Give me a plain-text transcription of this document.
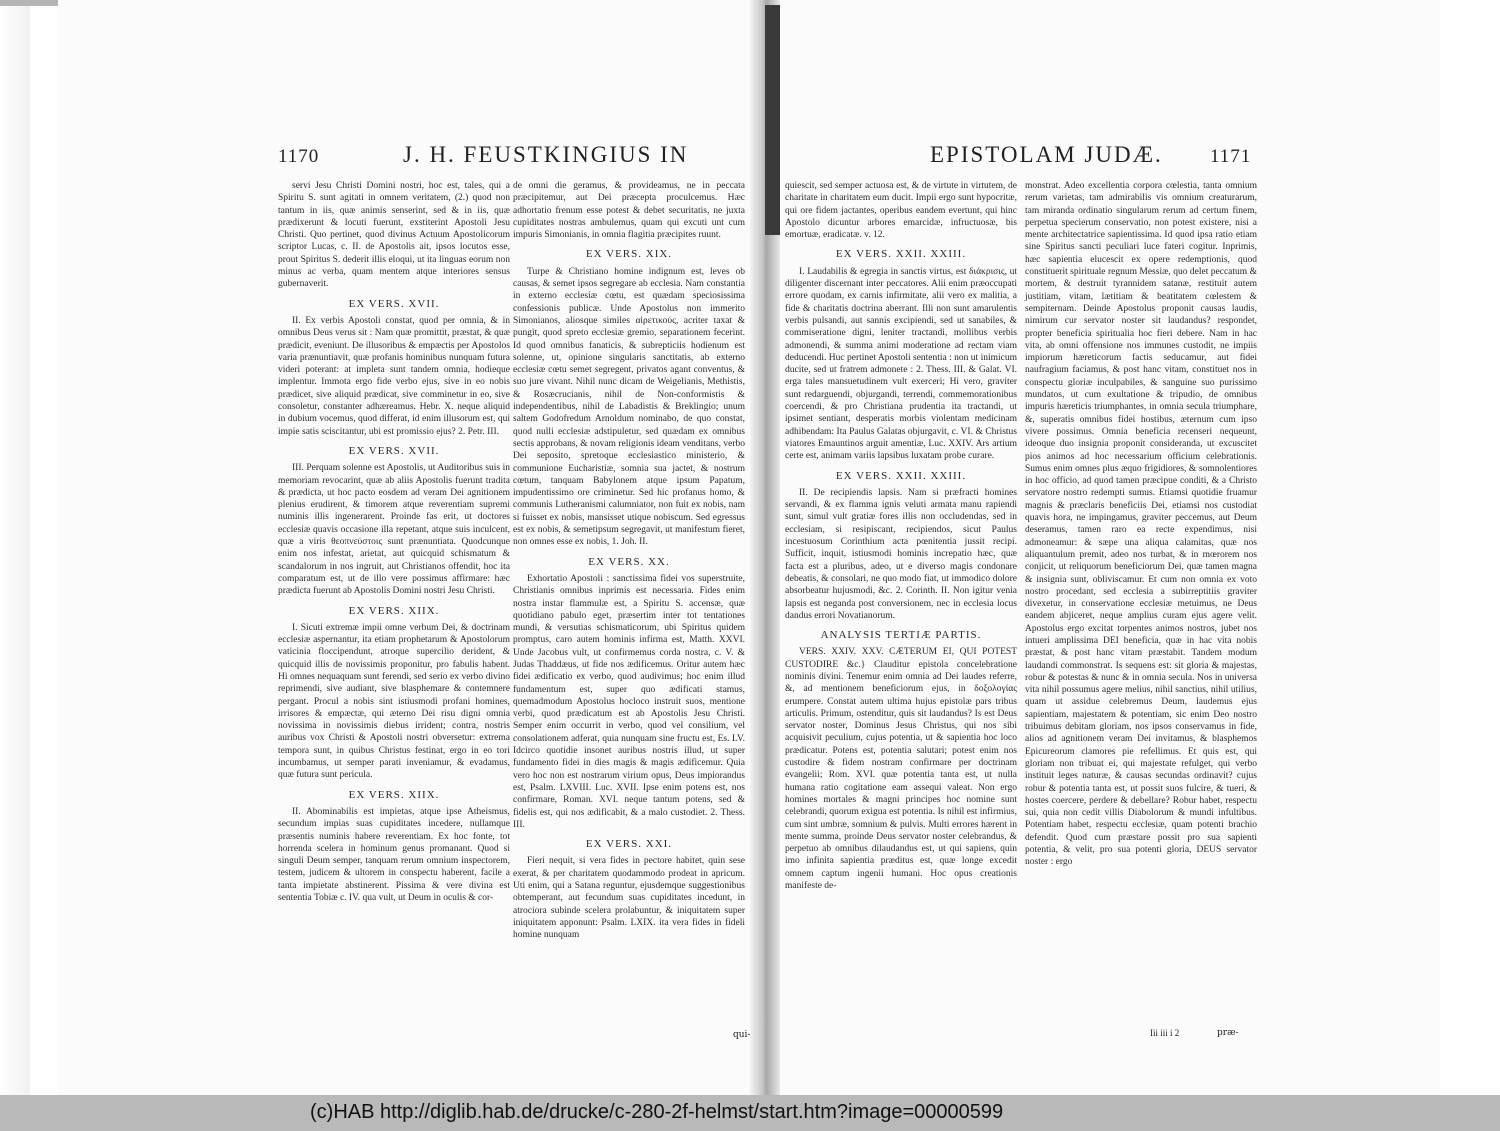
1170	J. H. FEUSTKINGIUS IN

servi Jesu Christi Domini nostri, hoc est, tales, qui a Spiritu S. sunt agitati in omnem veritatem, (2.) quod non tantum in iis, quæ animis senserint, sed & in iis, quæ prædixerunt & locuti fuerunt, exstiterint Apostoli Jesu Christi. Quo pertinet, quod divinus Actuum Apostolicorum scriptor Lucas, c. II. de Apostolis ait, ipsos locutos esse, prout Spiritus S. dederit illis eloqui, ut ita linguas eorum non minus ac verba, quam mentem atque interiores sensus gubernaverit.

EX VERS. XVII.

II. Ex verbis Apostoli constat, quod per omnia, & in omnibus Deus verus sit : Nam quæ promittit, præstat, & quæ prædicit, eveniunt. De illusoribus & empæctis per Apostolos varia prænuntiavit, quæ profanis hominibus nunquam futura videri poterant: at impleta sunt tandem omnia, hodieque implentur. Immota ergo fide verbo ejus, sive in eo nobis prædicet, sive aliquid prædicat, sive comminetur in eo, sive consoletur, constanter adhæreamus. Hebr. X. neque aliquid in dubium vocemus, quod differat, id enim illusorum est, qui impie satis sciscitantur, ubi est promissio ejus? 2. Petr. III.

EX VERS. XVII.

III. Perquam solenne est Apostolis, ut Auditoribus suis in memoriam revocarint, quæ ab aliis Apostolis fuerunt tradita & prædicta, ut hoc pacto eosdem ad veram Dei agnitionem plenius erudirent, & timorem atque reverentiam supremi numinis illis ingenerarent. Proinde fas erit, ut doctores ecclesiæ quavis occasione illa repetant, atque suis inculcent, quæ a viris θεοπνεύστοις sunt prænuntiata. Quodcunque enim nos infestat, arietat, aut quicquid schismatum & scandalorum in nos ingruit, aut Christianos offendit, hoc ita comparatum est, ut de illo vere possimus affirmare: hæc prædicta fuerunt ab Apostolis Domini nostri Jesu Christi.

EX VERS. XIIX.

I. Sicuti extremæ impii omne verbum Dei, & doctrinam ecclesiæ aspernantur, ita etiam prophetarum & Apostolorum vaticinia floccipendunt, atroque supercilio derident, & quicquid illis de novissimis proponitur, pro fabulis habent. Hi omnes nequaquam sunt ferendi, sed serio ex verbo divino reprimendi, sive audiant, sive blasphemare & contemnere pergant. Procul a nobis sint istiusmodi profani homines, irrisores & empæctæ, qui æterno Dei risu digni omnia novissima in novissimis diebus irrident; contra, nostris auribus vox Christi & Apostoli nostri obversetur: extrema tempora sunt, in quibus Christus festinat, ergo in eo tori incumbamus, ut semper parati inveniamur, & evadamus, quæ futura sunt pericula.

EX VERS. XIIX.

II. Abominabilis est impietas, atque ipse Atheismus, secundum impias suas cupiditates incedere, nullamque præsentis numinis habere reverentiam. Ex hoc fonte, tot horrenda scelera in hominum genus promanant. Quod si singuli Deum semper, tanquam rerum omnium inspectorem, testem, judicem & ultorem in conspectu haberent, facile a tanta impietate abstinerent. Pissima & vere divina est sententia Tobiæ c. IV. qua vult, ut Deum in oculis & cor-

de omni die geramus, & provideamus, ne in peccata præcipitemur, aut Dei præcepta proculcemus. Hæc adhortatio frenum esse potest & debet securitatis, ne juxta cupiditates nostras ambulemus, quam qui excuti unt cum impuris Simonianis, in omnia flagitia præcipites ruunt.

EX VERS. XIX.

Turpe & Christiano homine indignum est, leves ob causas, & semet ipsos segregare ab ecclesia. Nam constantia in externo ecclesiæ cœtu, est quædam speciosissima confessionis publicæ. Unde Apostolus non immerito Simonianos, aliosque similes αἱρετικούς, acriter taxat & pungit, quod spreto ecclesiæ gremio, separationem fecerint. Id quod omnibus fanaticis, & subrepticiis hodienum est solenne, ut, opinione singularis sanctitatis, ab externo ecclesiæ cœtu semet segregent, privatos agant conventus, & suo jure vivant. Nihil nunc dicam de Weigelianis, Methistis, & Rosæcrucianis, nihil de Non-conformistis & independentibus, nihil de Labadistis & Breklingio; unum saltem Godofredum Arnoldum nominabo, de quo constat, quod nulli ecclesiæ adstipuletur, sed quædam ex omnibus sectis approbans, & novam religionis ideam venditans, verbo Dei seposito, spretoque ecclesiastico ministerio, & communione Eucharistiæ, somnia sua jactet, & nostrum cœtum, tanquam Babylonem atque ipsum Papatum, impudentissimo ore criminetur. Sed hic profanus homo, & communis Lutheranismi calumniator, non fuit ex nobis, nam si fuisset ex nobis, mansisset utique nobiscum. Sed egressus est ex nobis, & semetipsum segregavit, ut manifestum fieret, non omnes esse ex nobis, 1. Joh. II.

EX VERS. XX.

Exhortatio Apostoli : sanctissima fidei vos superstruite, Christianis omnibus inprimis est necessaria. Fides enim nostra instar flammulæ est, a Spiritu S. accensæ, quæ quotidiano pabulo eget, præsertim inter tot tentationes mundi, & versutias schismaticorum, ubi Spiritus quidem promptus, caro autem hominis infirma est, Matth. XXVI. Unde Jacobus vult, ut confirmemus corda nostra, c. V. & Judas Thaddæus, ut fide nos ædificemus. Oritur autem hæc fidei ædificatio ex verbo, quod audivimus; hoc enim illud fundamentum est, super quo ædificati stamus, quemadmodum Apostolus hocloco instruit suos, mentione verbi, quod prædicatum est ab Apostolis Jesu Christi. Semper enim occurrit in verbo, quod vel consilium, vel consolationem adferat, quia nunquam sine fructu est, Es. LV. Idcirco quotidie insonet auribus nostris illud, ut super fundamento fidei in dies magis & magis ædificemur. Quia vero hoc non est nostrarum virium opus, Deus impiorandus est, Psalm. LXVIII. Luc. XVII. Ipse enim potens est, nos confirmare, Roman. XVI. neque tantum potens, sed & fidelis est, qui nos ædificabit, & a malo custodiet. 2. Thess. III.

EX VERS. XXI.

Fieri nequit, si vera fides in pectore habitet, quin sese exerat, & per charitatem quodammodo prodeat in apricum. Uti enim, qui a Satana reguntur, ejusdemque suggestionibus obtemperant, aut fecundum suas cupiditates incedunt, in atrociora subinde scelera prolabuntur, & iniquitatem super iniquitatem apponunt: Psalm. LXIX. ita vera fides in fideli homine nunquam

qui-
EPISTOLAM JUDÆ. 1171

quiescit, sed semper actuosa est, & de virtute in virtutem, de charitate in charitatem eum ducit. Impii ergo sunt hypocritæ, qui ore fidem jactantes, operibus eandem evertunt, qui hinc Apostolo dicuntur arbores emarcidæ, infructuosæ, bis emortuæ, eradicatæ. v. 12.

EX VERS. XXII. XXIII.

I. Laudabilis & egregia in sanctis virtus, est διάκρισις, ut diligenter discernant inter peccatores. Alii enim præoccupati errore quodam, ex carnis infirmitate, alii vero ex malitia, a fide & charitatis doctrina aberrant. Illi non sunt amarulentis verbis pulsandi, aut sannis excipiendi, sed ut sanabiles, & commiseratione digni, leniter tractandi, mollibus verbis admonendi, & summa animi moderatione ad rectam viam deducendi. Huc pertinet Apostoli sententia : non ut inimicum ducite, sed ut fratrem admonete : 2. Thess. III. & Galat. VI. erga tales mansuetudinem vult exerceri; Hi vero, graviter sunt redarguendi, objurgandi, terrendi, commemorationibus coercendi, & pro Christiana prudentia ita tractandi, ut ipsimet sentiant, desperatis morbis violentam medicinam adhibendam: Ita Paulus Galatas objurgavit, c. VI. & Christus viatores Emauntinos arguit amentiæ, Luc. XXIV. Ars artium certe est, animam variis lapsibus luxatam probe curare.

EX VERS. XXII. XXIII.

II. De recipiendis lapsis. Nam si præfracti homines servandi, & ex flamma ignis veluti armata manu rapiendi sunt, simul vult gratiæ fores illis non occludendas, sed in ecclesiam, si resipiscant, recipiendos, sicut Paulus incestuosum Corinthium acta pœnitentia jussit recipi. Sufficit, inquit, istiusmodi hominis increpatio hæc, quæ facta est a pluribus, adeo, ut e diverso magis condonare debeatis, & consolari, ne quo modo fiat, ut immodico dolore absorbeatur hujusmodi, &c. 2. Corinth. II. Non igitur venia lapsis est neganda post conversionem, nec in ecclesia locus dandus errori Novatianorum.

ANALYSIS TERTIÆ PARTIS.

VERS. XXIV. XXV. CÆTERUM EI, QUI POTEST CUSTODIRE &c.} Clauditur epistola concelebratione nominis divini. Tenemur enim omnia ad Dei laudes referre, &, ad mentionem beneficiorum ejus, in δοξολογίας erumpere. Constat autem ultima hujus epistolæ pars tribus articulis. Primum, ostenditur, quis sit laudandus? Is est Deus servator noster, Dominus Jesus Christus, qui nos sibi acquisivit peculium, cujus potentia, ut & sapientia hoc loco prædicatur. Potens est, potentia salutari; potest enim nos custodire & fidem nostram confirmare per doctrinam evangelii; Rom. XVI. quæ potentia tanta est, ut nulla humana ratio cogitatione eam assequi valeat. Non ergo homines mortales & magni principes hoc nomine sunt celebrandi, quorum exigua est potentia. Is nihil est infirmius, cum sint umbræ, somnium & pulvis. Multi errores hærent in mente summa, proinde Deus servator noster celebrandus, & perpetuo ab omnibus dilaudandus est, ut qui sapiens, quin imo infinita sapientia præditus est, quæ longe excedit omnem captum ingenii humani. Hoc opus creationis manifeste de-

monstrat. Adeo excellentia corpora cœlestia, tanta omnium rerum varietas, tam admirabilis vis omnium creaturarum, tam miranda ordinatio singularum rerum ad certum finem, perpetua specierum conservatio, non potest existere, nisi a mente architectatrice sapientissima. Id quod ipsa ratio etiam sine Spiritus sancti peculiari luce fateri cogitur. Inprimis, hæc sapientia elucescit ex opere redemptionis, quod constituerit spirituale regnum Messiæ, quo delet peccatum & mortem, & destruit tyrannidem satanæ, restituit autem justitiam, vitam, lætitiam & beatitatem cœlestem & sempiternam. Deinde Apostolus proponit causas laudis, nimirum cur servator noster sit laudandus? respondet, propter beneficia spiritualia hoc fieri debere. Nam in hac vita, ab omni offensione nos immunes custodit, ne impiis impiorum hæreticorum factis seducamur, aut fidei naufragium faciamus, & post hanc vitam, constituet nos in conspectu gloriæ inculpabiles, & sanguine suo purissimo mundatos, ut cum exultatione & tripudio, de omnibus impuris hæreticis triumphantes, in omnia secula triumphare, &, superatis omnibus fidei hostibus, æternum cum ipso vivere possimus. Omnia beneficia recenseri nequeunt, ideoque duo insignia proponit consideranda, ut excuscitet pios animos ad hoc necessarium officium celebrationis. Sumus enim omnes plus æquo frigidiores, & somnolentiores in hoc officio, ad quod tamen præcipue conditi, & a Christo servatore nostro redempti sumus. Etiamsi quotidie fruamur magnis & præclaris beneficiis Dei, etiamsi nos custodiat quavis hora, ne impingamus, graviter peccemus, aut Deum deseramus, tamen raro ea recte expendimus, nisi admoneamur: & sæpe una aliqua calamitas, quæ nos aliquantulum premit, adeo nos turbat, & in mœrorem nos conjicit, ut reliquorum beneficiorum Dei, quæ tamen magna & insignia sunt, obliviscamur. Et cum non omnia ex voto nostro procedant, sed ecclesia a subirreptitiis graviter divexetur, in conservatione ecclesiæ metuimus, ne Deus eandem abjiceret, neque amplius curam ejus agere velit. Apostolus ergo excitat torpentes animos nostros, jubet nos intueri amplissima DEI beneficia, quæ in hac vita nobis præstat, & post hanc vitam præstabit. Tandem modum laudandi commonstrat. Is sequens est: sit gloria & majestas, robur & potestas & nunc & in omnia secula. Nos in universa vita nihil possumus agere melius, nihil sanctius, nihil utilius, quam ut assidue celebremus Deum, laudemus ejus sapientiam, majestatem & potentiam, sic enim Deo nostro tribuimus debitam gloriam, nos ipsos conservamus in fide, alios ad agnitionem veram Dei invitamus, & blasphemos Epicureorum clamores pie refellimus. Et quis est, qui gloriam non tribuat ei, qui majestate refulget, qui verbo instituit leges naturæ, & causas secundas ordinavit? cujus robur & potentia tanta est, ut possit suos fulcire, & tueri, & hostes coercere, perdere & debellare? Robur habet, respectu sui, quia non cedit villis Diabolorum & mundi infultibus. Potentiam habet, respectu ecclesiæ, quam potenti brachio defendit. Quod cum præstare possit pro sua sapienti potentia, & velit, pro sua potenti gloria, DEUS servator noster : ergo

Iii iii i 2	præ-
(c)HAB http://diglib.hab.de/drucke/c-280-2f-helmst/start.htm?image=00000599
